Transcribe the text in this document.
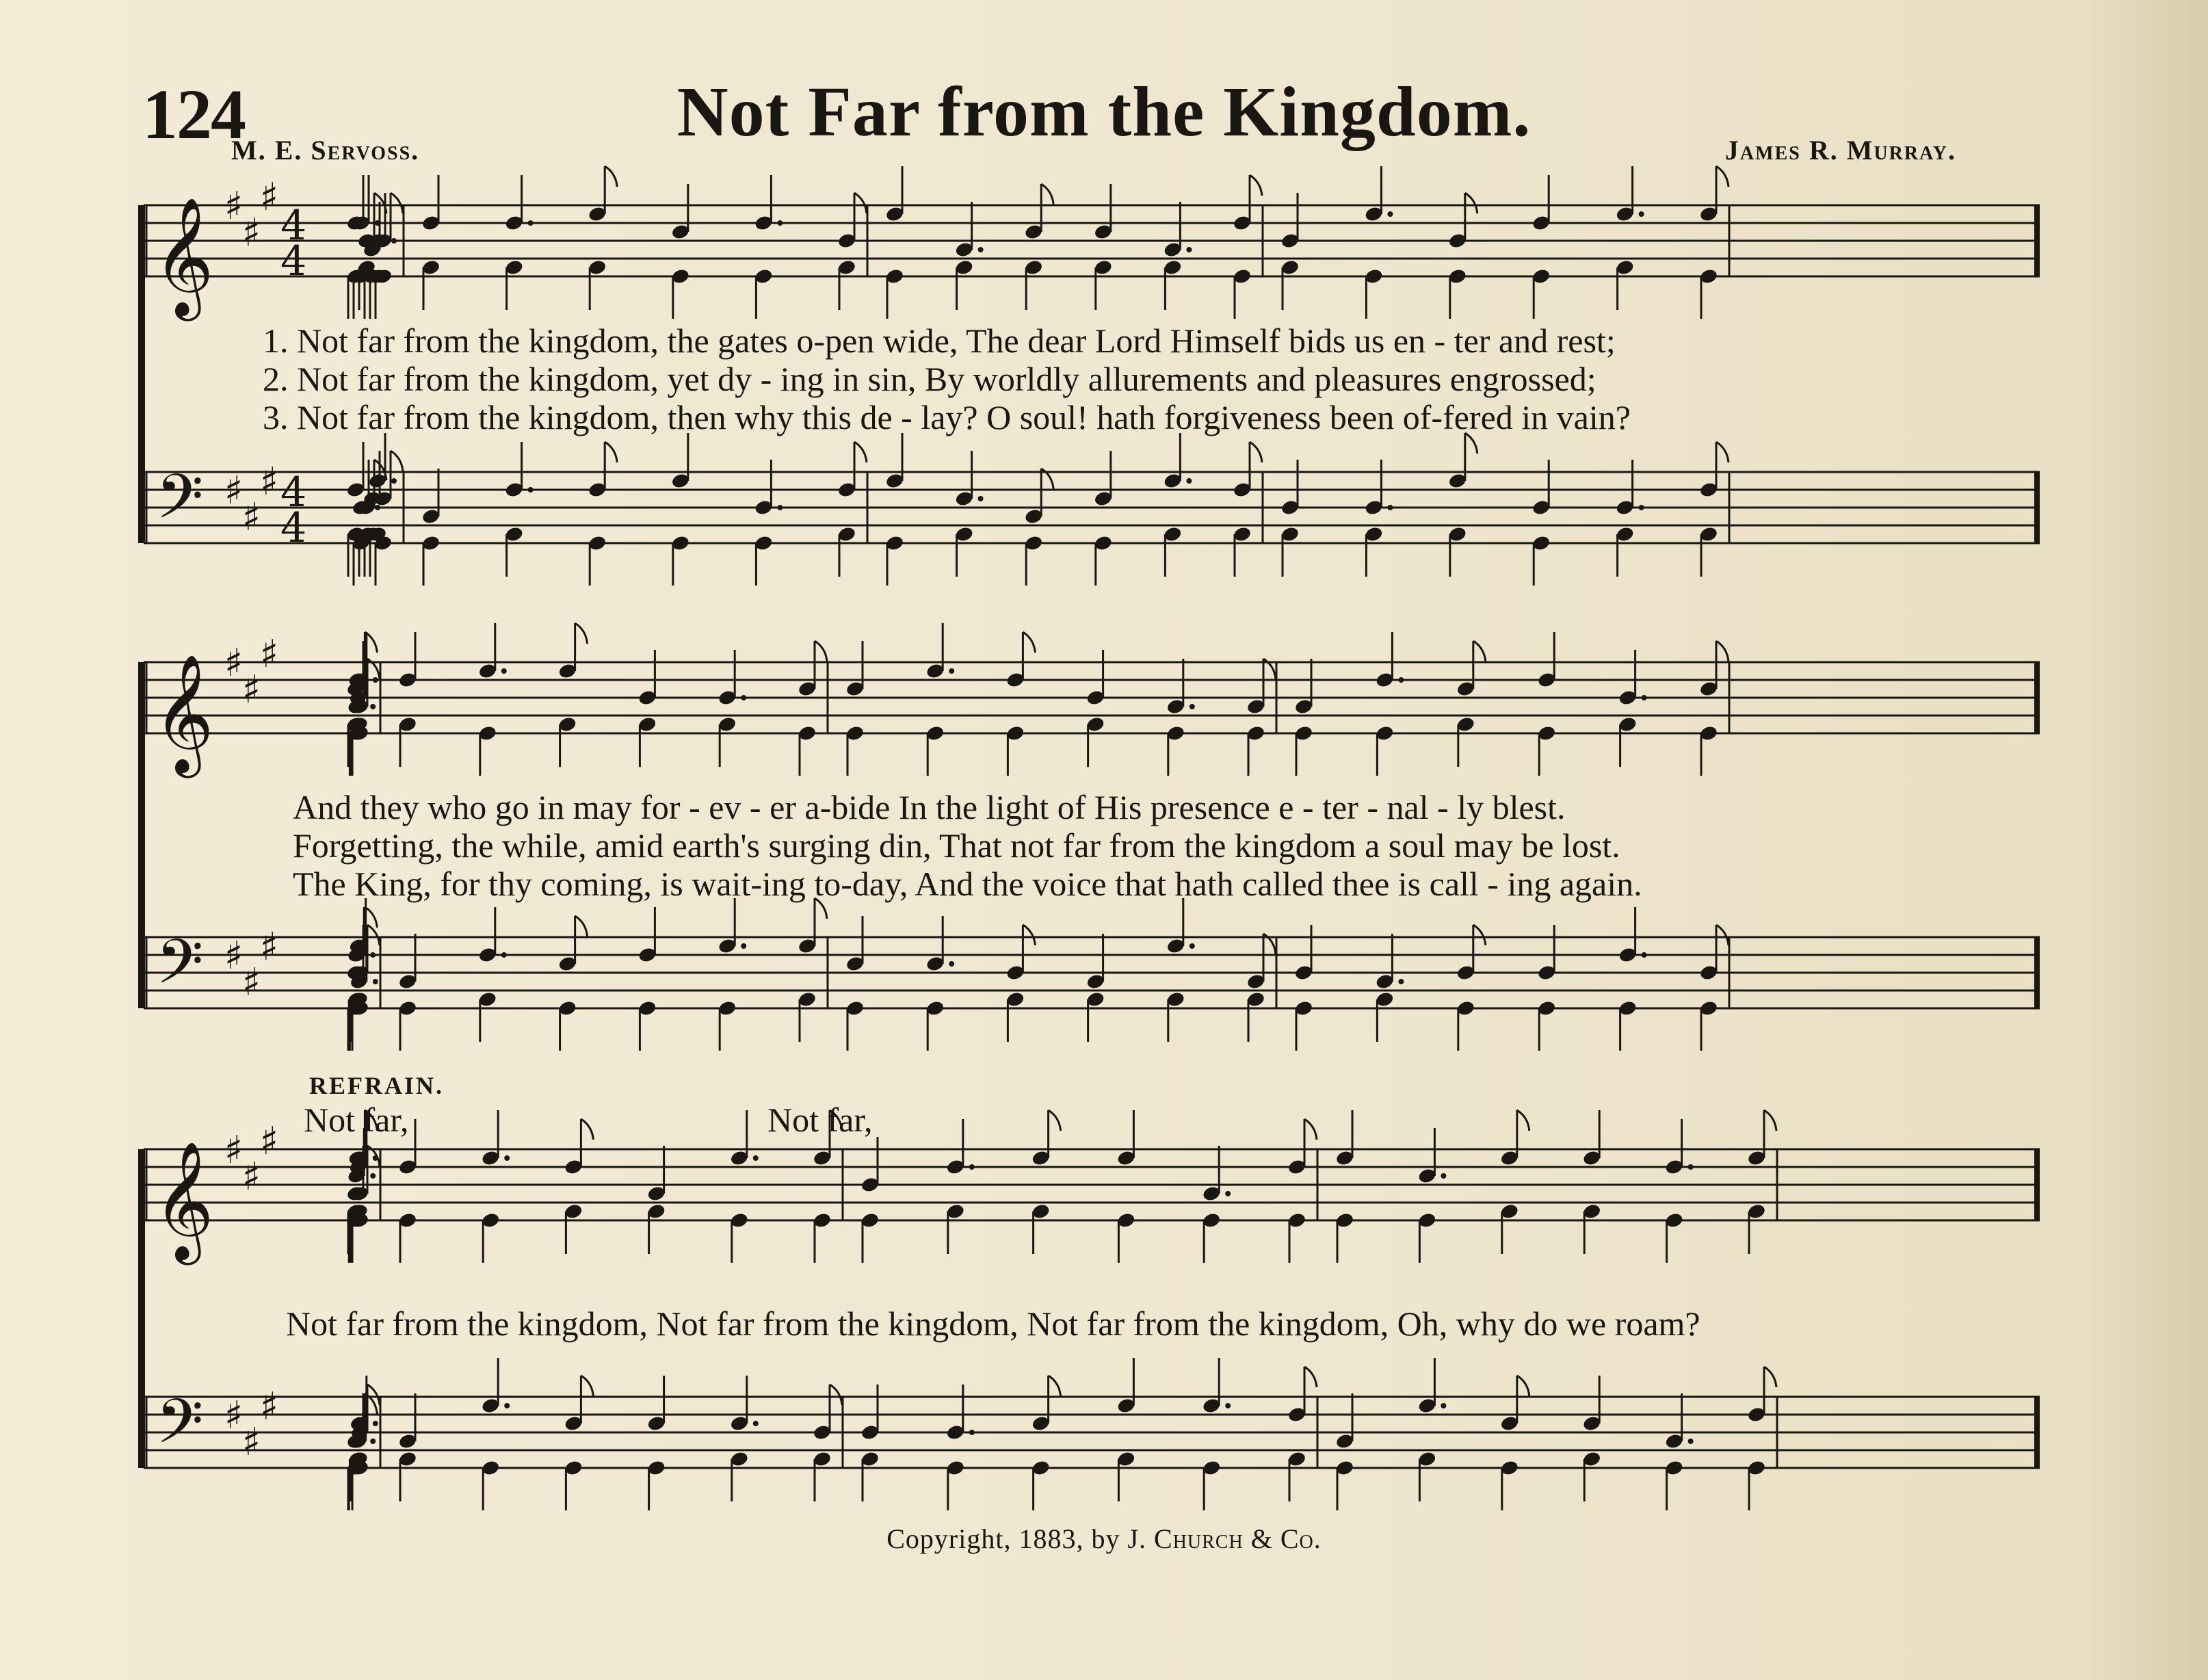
124	Not Far from the Kingdom.
M. E. Servoss.	James R. Murray.
𝄞 ♯
♯
♯
4
4
𝄢 ♯
♯
♯ 4
4
𝄞 ♯
♯
♯
𝄢 ♯
♯
♯
𝄞 ♯
♯
♯
𝄢 ♯
♯
♯
1. Not far from the kingdom, the gates o-pen wide, The dear Lord Himself bids us en - ter and rest;
2. Not far from the kingdom, yet dy - ing in sin, By worldly allurements and pleasures engrossed;
3. Not far from the kingdom, then why this de - lay? O soul! hath forgiveness been of-fered in vain?
And they who go in may for - ev - er a-bide In the light of His presence e - ter - nal - ly blest.
Forgetting, the while, amid earth's surging din, That not far from the kingdom a soul may be lost.
The King, for thy coming, is wait-ing to-day, And the voice that hath called thee is call - ing again.
REFRAIN.
Not far,	Not far,
Not far from the kingdom, Not far from the kingdom, Not far from the kingdom, Oh, why do we roam?
Copyright, 1883, by J. Church & Co.
